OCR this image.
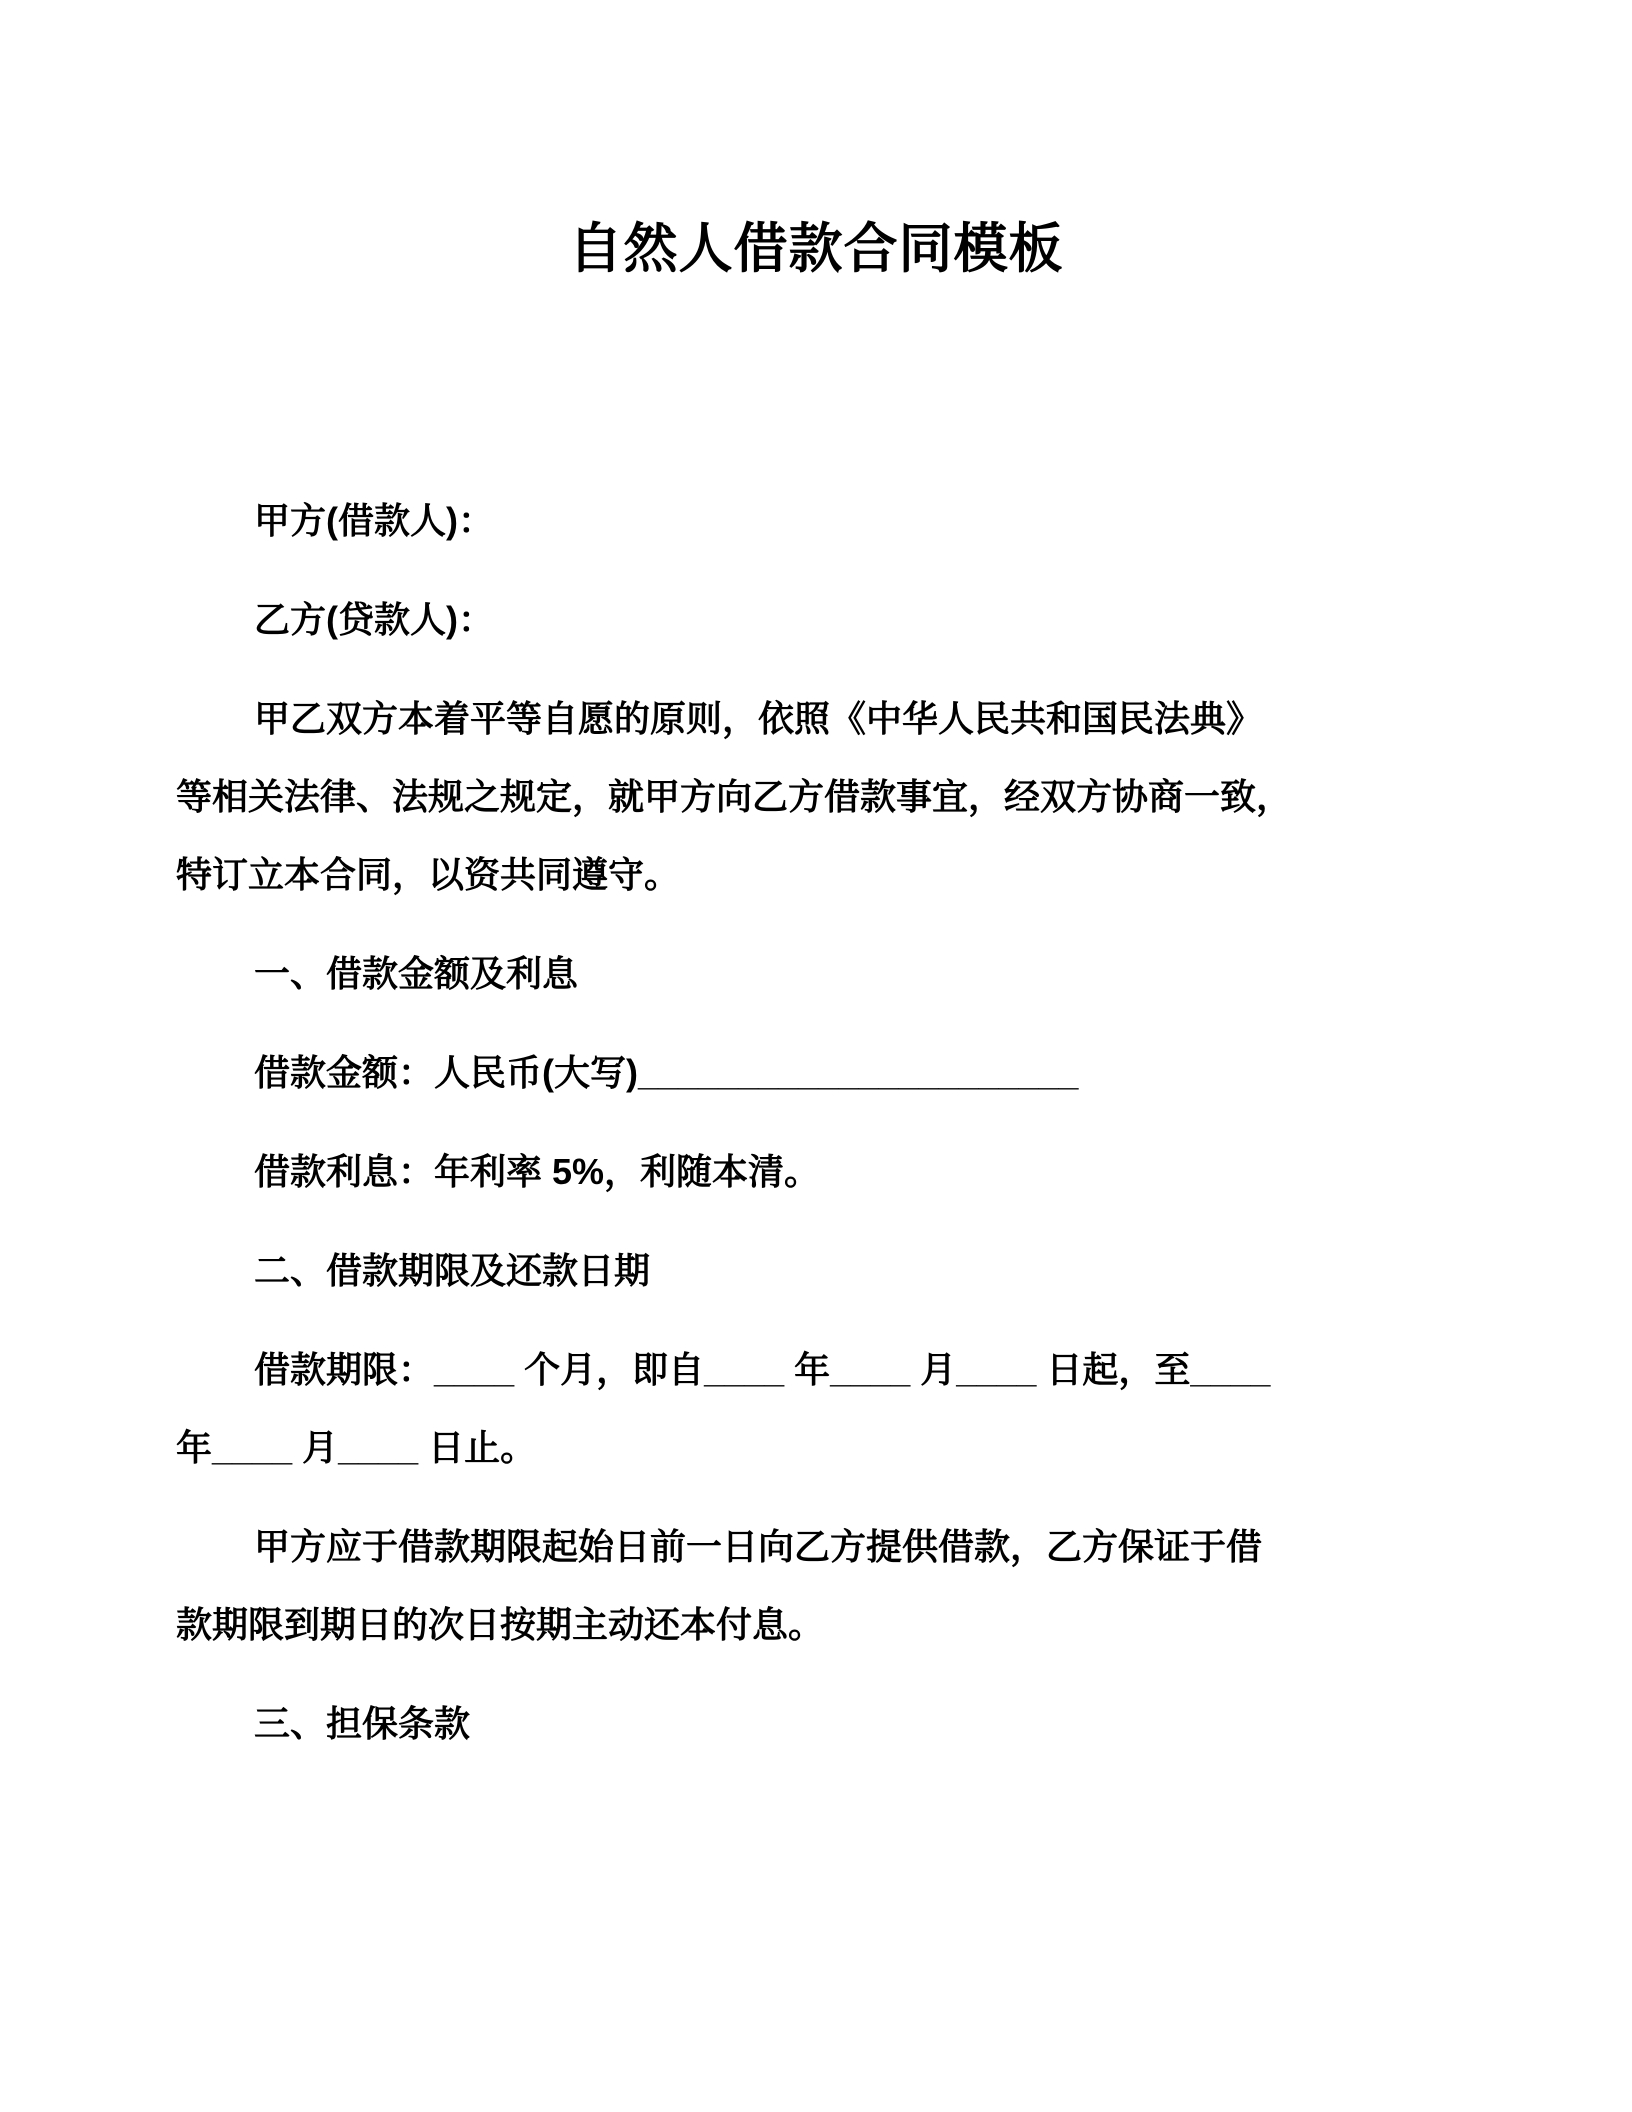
自然人借款合同模板
甲方(借款人)：
乙方(贷款人)：
甲乙双方本着平等自愿的原则，依照《中华人民共和国民法典》
等相关法律、法规之规定，就甲方向乙方借款事宜，经双方协商一致，
特订立本合同，以资共同遵守。
一、借款金额及利息
借款金额：人民币(大写)______________________
借款利息：年利率 5%，利随本清。
二、借款期限及还款日期
借款期限：____ 个月，即自____ 年____ 月____ 日起，至____
年____ 月____ 日止。
甲方应于借款期限起始日前一日向乙方提供借款，乙方保证于借
款期限到期日的次日按期主动还本付息。
三、担保条款
